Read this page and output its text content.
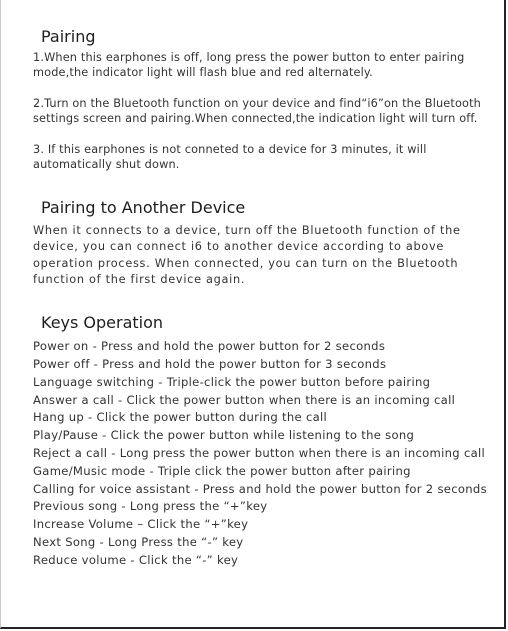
Pairing

1.When this earphones is off, long press the power button to enter pairing mode,the indicator light will flash blue and red alternately.

2.Turn on the Bluetooth function on your device and find“i6”on the Bluetooth settings screen and pairing.When connected,the indication light will turn off.

3. If this earphones is not conneted to a device for 3 minutes, it will automatically shut down.

Pairing to Another Device

When it connects to a device, turn off the Bluetooth function of the device, you can connect i6 to another device according to above operation process. When connected, you can turn on the Bluetooth function of the first device again.

Keys Operation
Power on - Press and hold the power button for 2 seconds
Power off - Press and hold the power button for 3 seconds
Language switching - Triple-click the power button before pairing
Answer a call - Click the power button when there is an incoming call
Hang up - Click the power button during the call
Play/Pause - Click the power button while listening to the song
Reject a call - Long press the power button when there is an incoming call
Game/Music mode - Triple click the power button after pairing
Calling for voice assistant - Press and hold the power button for 2 seconds
Previous song - Long press the “+”key
Increase Volume – Click the “+”key
Next Song - Long Press the “-” key
Reduce volume - Click the “-” key
